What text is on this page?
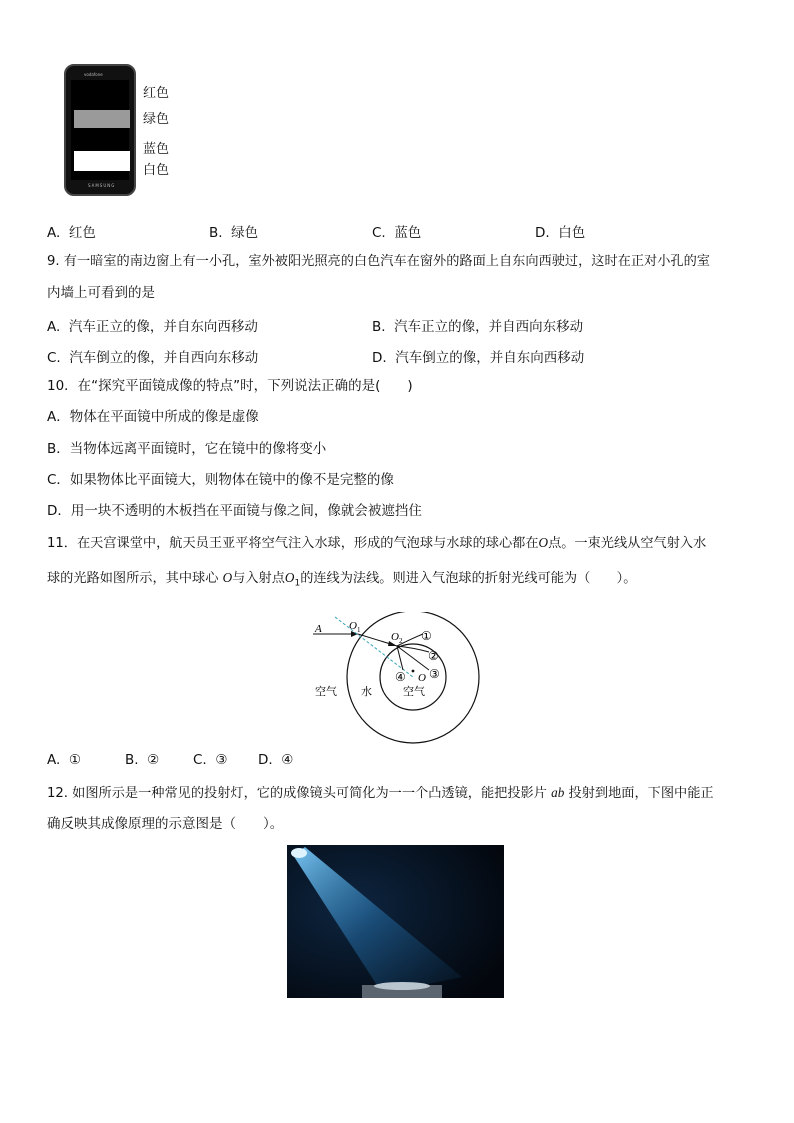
vodafone
SAMSUNG
红色
绿色
蓝色
白色
A. 红色	B. 绿色	C. 蓝色	D. 白色
9. 有一暗室的南边窗上有一小孔，室外被阳光照亮的白色汽车在窗外的路面上自东向西驶过，这时在正对小孔的室
内墙上可看到的是
A. 汽车正立的像，并自东向西移动	B. 汽车正立的像，并自西向东移动
C. 汽车倒立的像，并自西向东移动	D. 汽车倒立的像，并自东向西移动
10．在“探究平面镜成像的特点”时，下列说法正确的是(　　)
A．物体在平面镜中所成的像是虚像
B．当物体远离平面镜时，它在镜中的像将变小
C．如果物体比平面镜大，则物体在镜中的像不是完整的像
D．用一块不透明的木板挡在平面镜与像之间，像就会被遮挡住
11．在天宫课堂中，航天员王亚平将空气注入水球，形成的气泡球与水球的球心都在O点。一束光线从空气射入水
球的光路如图所示，其中球心 O与入射点$O_1$的连线为法线。则进入气泡球的折射光线可能为（　　）。
A O 1
O 2
O
①
②
③
④
空气 水	空气
A. ①	B. ② C. ③ D. ④
12. 如图所示是一种常见的投射灯，它的成像镜头可简化为一一个凸透镜，能把投影片 ab 投射到地面，下图中能正
确反映其成像原理的示意图是（　　）。
